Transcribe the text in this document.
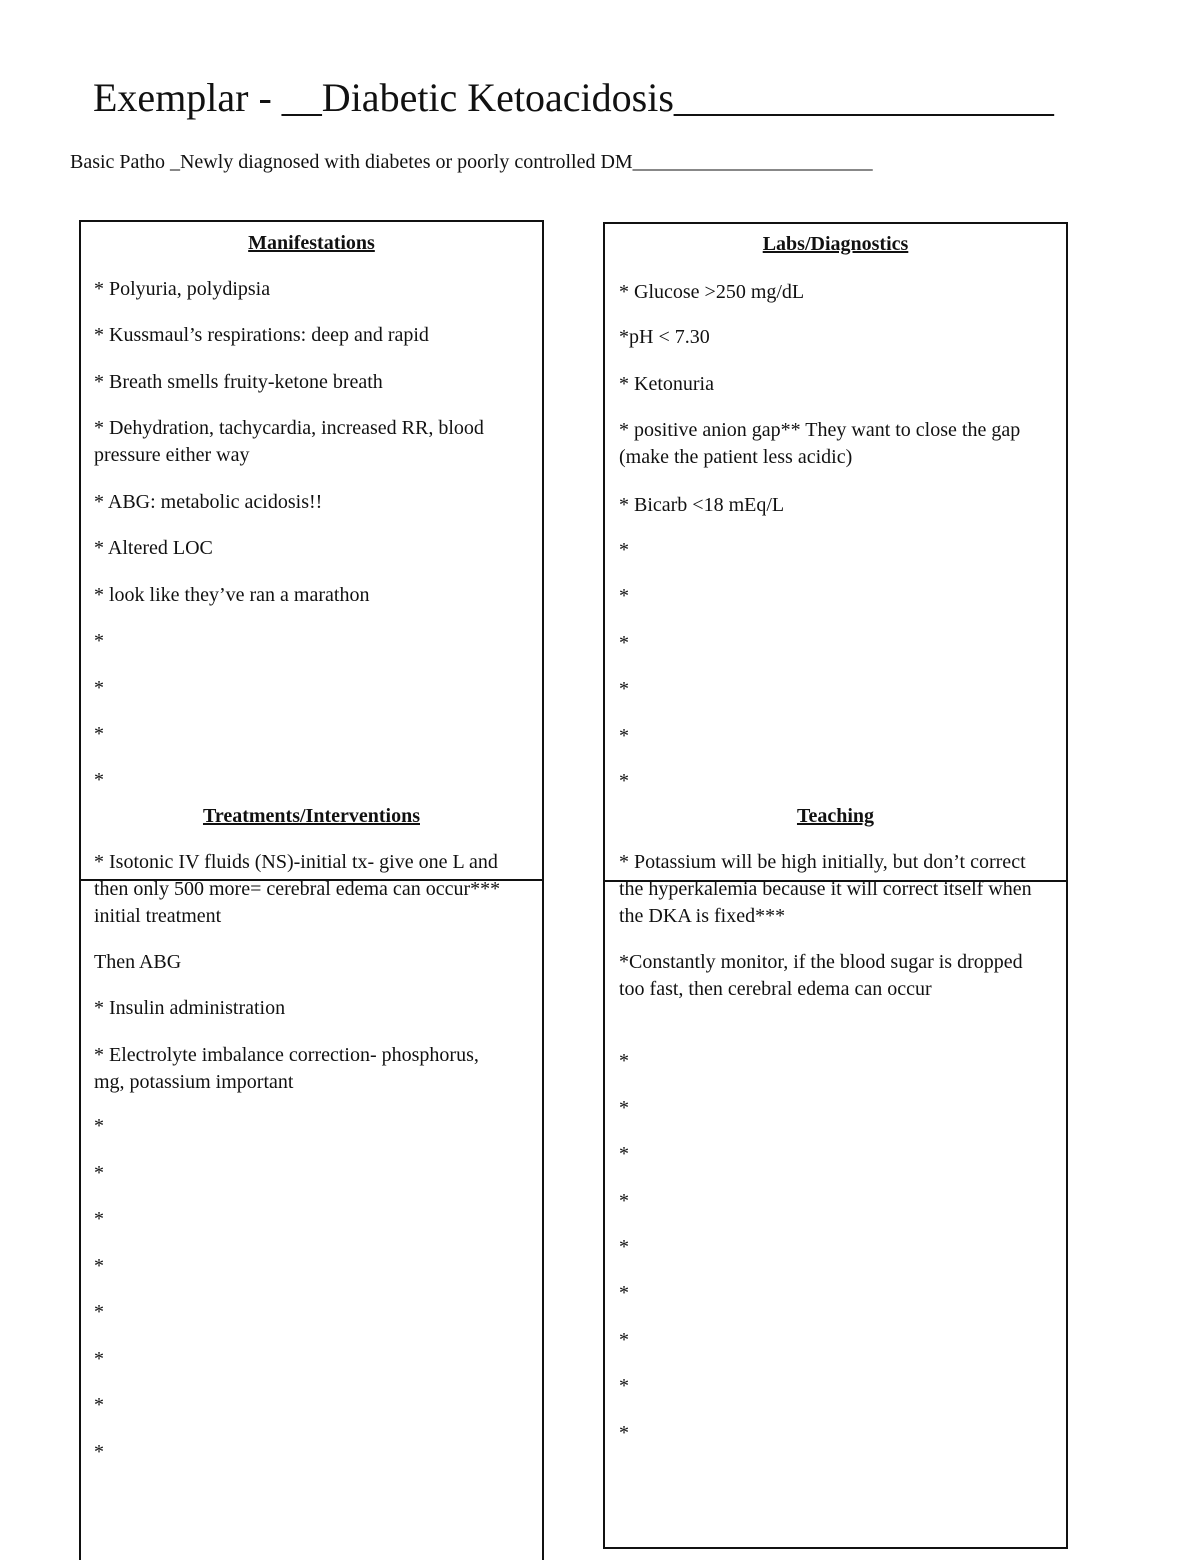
Exemplar - __Diabetic Ketoacidosis___________________

Basic Patho _Newly diagnosed with diabetes or poorly controlled DM________________________

Manifestations
* Polyuria, polydipsia
* Kussmaul’s respirations: deep and rapid
* Breath smells fruity-ketone breath
* Dehydration, tachycardia, increased RR, blood pressure either way
* ABG: metabolic acidosis!!
* Altered LOC
* look like they’ve ran a marathon
*
*
*
*
Labs/Diagnostics
* Glucose >250 mg/dL
*pH < 7.30
* Ketonuria
* positive anion gap** They want to close the gap (make the patient less acidic)
* Bicarb <18 mEq/L
*
*
*
*
*
*
Treatments/Interventions
* Isotonic IV fluids (NS)-initial tx- give one L and then only 500 more= cerebral edema can occur*** initial treatment
Then ABG
* Insulin administration
* Electrolyte imbalance correction- phosphorus, mg, potassium important
*
*
*
*
*
*
*
*
Teaching
* Potassium will be high initially, but don’t correct the hyperkalemia because it will correct itself when the DKA is fixed***
*Constantly monitor, if the blood sugar is dropped too fast, then cerebral edema can occur
*
*
*
*
*
*
*
*
*
